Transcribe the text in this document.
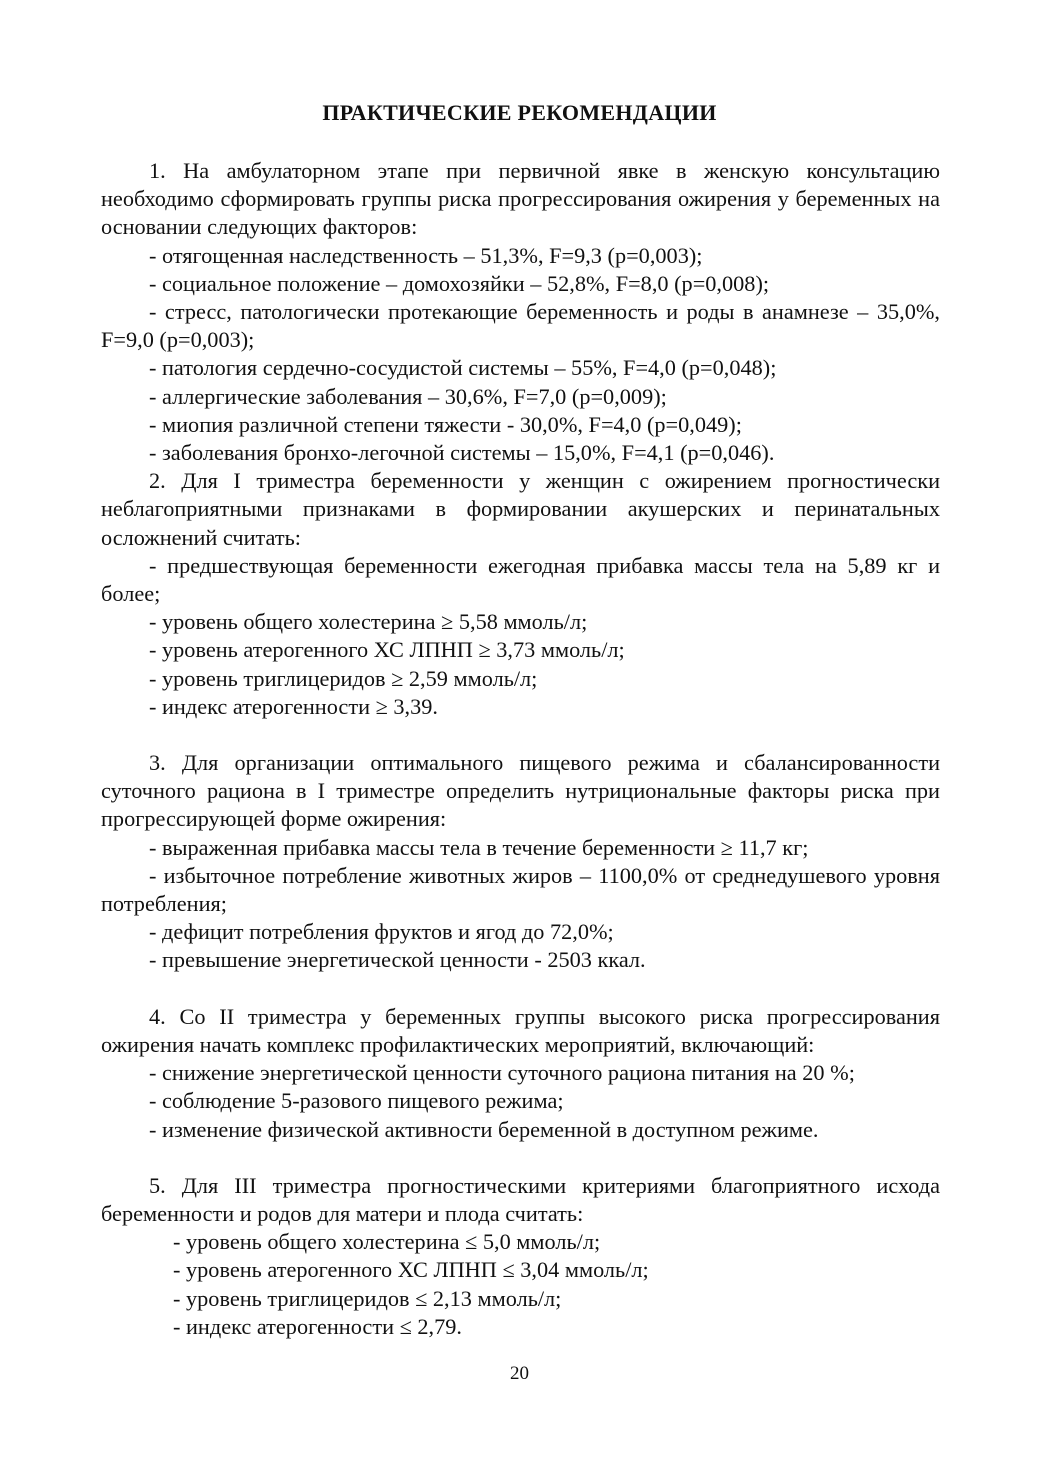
ПРАКТИЧЕСКИЕ РЕКОМЕНДАЦИИ

1. На амбулаторном этапе при первичной явке в женскую консультацию необходимо сформировать группы риска прогрессирования ожирения у беременных на основании следующих факторов:

- отягощенная наследственность – 51,3%, F=9,3 (p=0,003);

- социальное положение – домохозяйки – 52,8%, F=8,0 (p=0,008);

- стресс, патологически протекающие беременность и роды в анамнезе – 35,0%, F=9,0 (p=0,003);

- патология сердечно-сосудистой системы – 55%, F=4,0 (p=0,048);

- аллергические заболевания – 30,6%, F=7,0 (p=0,009);

- миопия различной степени тяжести - 30,0%, F=4,0 (p=0,049);

- заболевания бронхо-легочной системы – 15,0%, F=4,1 (p=0,046).

2. Для I триместра беременности у женщин с ожирением прогностически неблагоприятными признаками в формировании акушерских и перинатальных осложнений считать:

- предшествующая беременности ежегодная прибавка массы тела на 5,89 кг и более;

- уровень общего холестерина ≥ 5,58 ммоль/л;

- уровень атерогенного ХС ЛПНП ≥ 3,73 ммоль/л;

- уровень триглицеридов ≥ 2,59 ммоль/л;

- индекс атерогенности ≥ 3,39.

3. Для организации оптимального пищевого режима и сбалансированности суточного рациона в I триместре определить нутрициональные факторы риска при прогрессирующей форме ожирения:

- выраженная прибавка массы тела в течение беременности ≥ 11,7 кг;

- избыточное потребление животных жиров – 1100,0% от среднедушевого уровня потребления;

- дефицит потребления фруктов и ягод до 72,0%;

- превышение энергетической ценности - 2503 ккал.

4. Со II триместра у беременных группы высокого риска прогрессирования ожирения начать комплекс профилактических мероприятий, включающий:

- снижение энергетической ценности суточного рациона питания на 20 %;

- соблюдение 5-разового пищевого режима;

- изменение физической активности беременной в доступном режиме.

5. Для III триместра прогностическими критериями благоприятного исхода беременности и родов для матери и плода считать:

- уровень общего холестерина ≤ 5,0 ммоль/л;

- уровень атерогенного ХС ЛПНП ≤ 3,04 ммоль/л;

- уровень триглицеридов ≤ 2,13 ммоль/л;

- индекс атерогенности ≤ 2,79.

20
